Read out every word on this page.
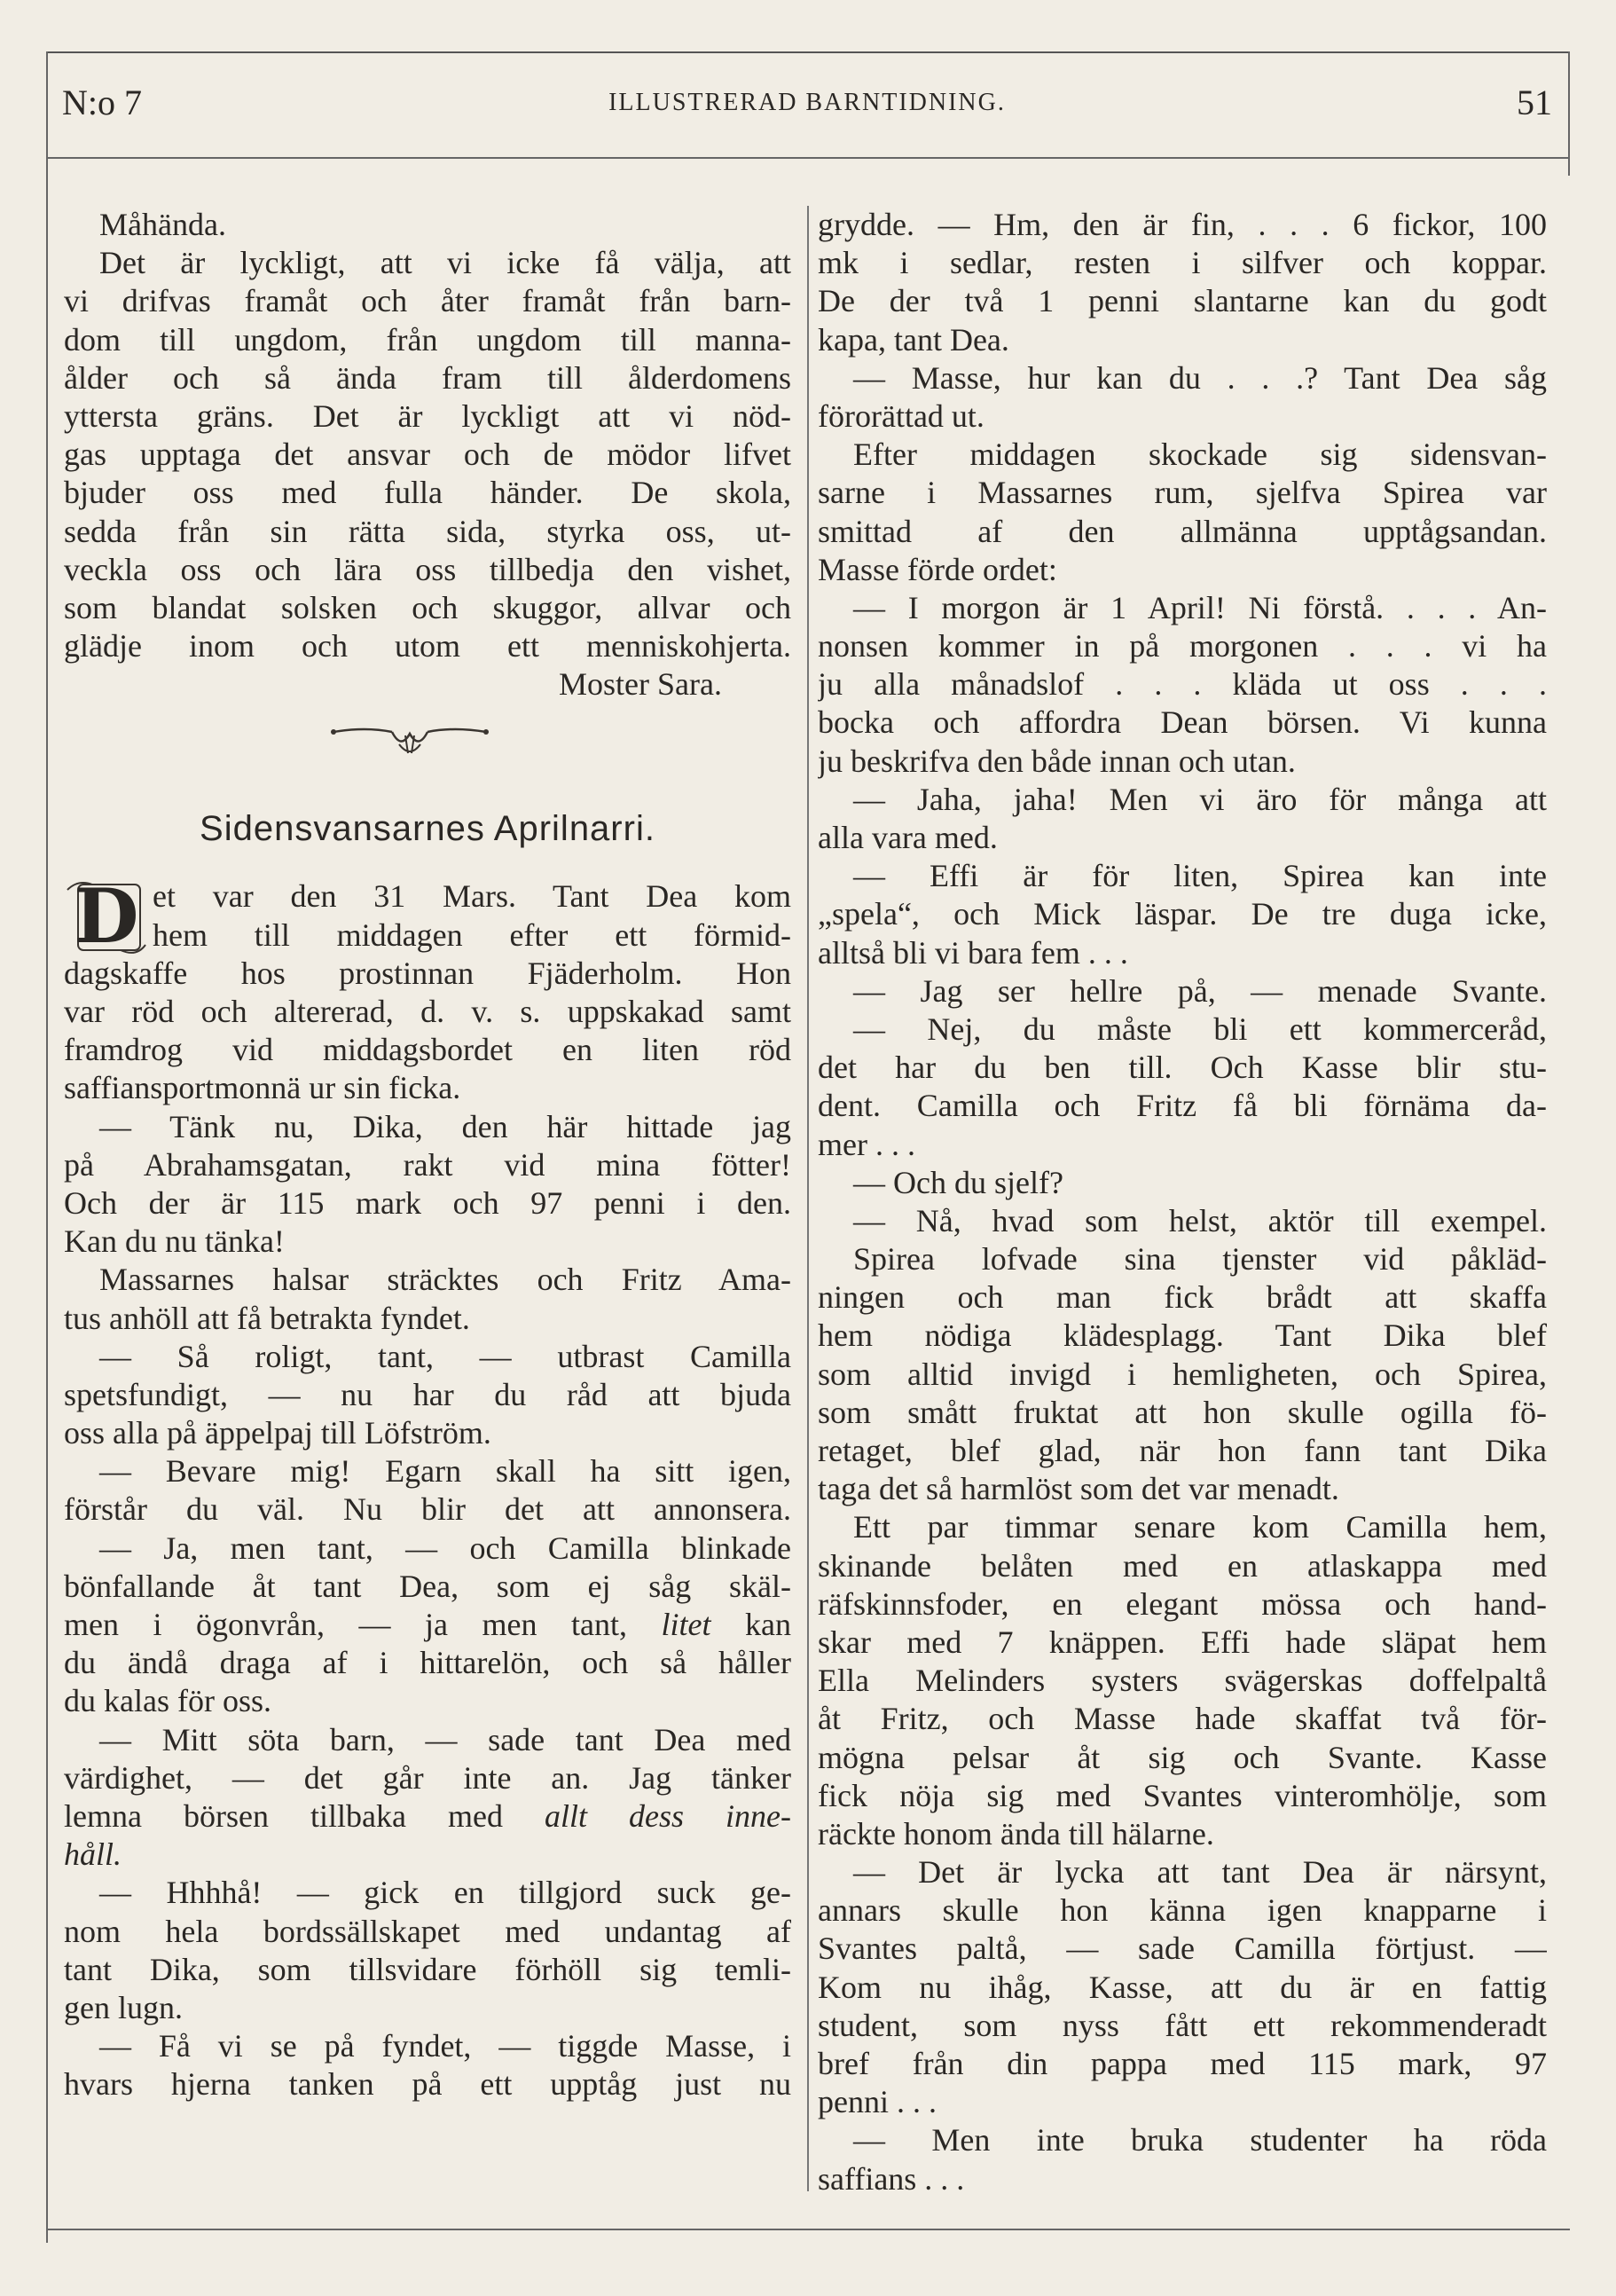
N:o 7	ILLUSTRERAD BARNTIDNING.	51
Måhända.
Det är lyckligt, att vi icke få välja, att
vi drifvas framåt och åter framåt från barn-
dom till ungdom, från ungdom till manna-
ålder och så ända fram till ålderdomens
yttersta gräns. Det är lyckligt att vi nöd-
gas upptaga det ansvar och de mödor lifvet
bjuder oss med fulla händer. De skola,
sedda från sin rätta sida, styrka oss, ut-
veckla oss och lära oss tillbedja den vishet,
som blandat solsken och skuggor, allvar och
glädje inom och utom ett menniskohjerta.
Moster Sara.
Sidensvansarnes Aprilnarri.
D et var den 31 Mars. Tant Dea kom
hem till middagen efter ett förmid-
dagskaffe hos prostinnan Fjäderholm. Hon
var röd och altererad, d. v. s. uppskakad samt
framdrog vid middagsbordet en liten röd
saffiansportmonnä ur sin ficka.
— Tänk nu, Dika, den här hittade jag
på Abrahamsgatan, rakt vid mina fötter!
Och der är 115 mark och 97 penni i den.
Kan du nu tänka!
Massarnes halsar sträcktes och Fritz Ama-
tus anhöll att få betrakta fyndet.
— Så roligt, tant, — utbrast Camilla
spetsfundigt, — nu har du råd att bjuda
oss alla på äppelpaj till Löfström.
— Bevare mig! Egarn skall ha sitt igen,
förstår du väl. Nu blir det att annonsera.
— Ja, men tant, — och Camilla blinkade
bönfallande åt tant Dea, som ej såg skäl-
men i ögonvrån, — ja men tant, litet kan
du ändå draga af i hittarelön, och så håller
du kalas för oss.
— Mitt söta barn, — sade tant Dea med
värdighet, — det går inte an. Jag tänker
lemna börsen tillbaka med allt dess inne-
håll.
— Hhhhå! — gick en tillgjord suck ge-
nom hela bordssällskapet med undantag af
tant Dika, som tillsvidare förhöll sig temli-
gen lugn.
— Få vi se på fyndet, — tiggde Masse, i
hvars hjerna tanken på ett upptåg just nu
grydde. — Hm, den är fin, . . . 6 fickor, 100
mk i sedlar, resten i silfver och koppar.
De der två 1 penni slantarne kan du godt
kapa, tant Dea.
— Masse, hur kan du . . .? Tant Dea såg
förorättad ut.
Efter middagen skockade sig sidensvan-
sarne i Massarnes rum, sjelfva Spirea var
smittad af den allmänna upptågsandan.
Masse förde ordet:
— I morgon är 1 April! Ni förstå. . . . An-
nonsen kommer in på morgonen . . . vi ha
ju alla månadslof . . . kläda ut oss . . .
bocka och affordra Dean börsen. Vi kunna
ju beskrifva den både innan och utan.
— Jaha, jaha! Men vi äro för många att
alla vara med.
— Effi är för liten, Spirea kan inte
„spela“, och Mick läspar. De tre duga icke,
alltså bli vi bara fem . . .
— Jag ser hellre på, — menade Svante.
— Nej, du måste bli ett kommerceråd,
det har du ben till. Och Kasse blir stu-
dent. Camilla och Fritz få bli förnäma da-
mer . . .
— Och du sjelf?
— Nå, hvad som helst, aktör till exempel.
Spirea lofvade sina tjenster vid påkläd-
ningen och man fick brådt att skaffa
hem nödiga klädesplagg. Tant Dika blef
som alltid invigd i hemligheten, och Spirea,
som smått fruktat att hon skulle ogilla fö-
retaget, blef glad, när hon fann tant Dika
taga det så harmlöst som det var menadt.
Ett par timmar senare kom Camilla hem,
skinande belåten med en atlaskappa med
räfskinnsfoder, en elegant mössa och hand-
skar med 7 knäppen. Effi hade släpat hem
Ella Melinders systers svägerskas doffelpaltå
åt Fritz, och Masse hade skaffat två för-
mögna pelsar åt sig och Svante. Kasse
fick nöja sig med Svantes vinteromhölje, som
räckte honom ända till hälarne.
— Det är lycka att tant Dea är närsynt,
annars skulle hon känna igen knapparne i
Svantes paltå, — sade Camilla förtjust. —
Kom nu ihåg, Kasse, att du är en fattig
student, som nyss fått ett rekommenderadt
bref från din pappa med 115 mark, 97
penni . . .
— Men inte bruka studenter ha röda
saffians . . .
